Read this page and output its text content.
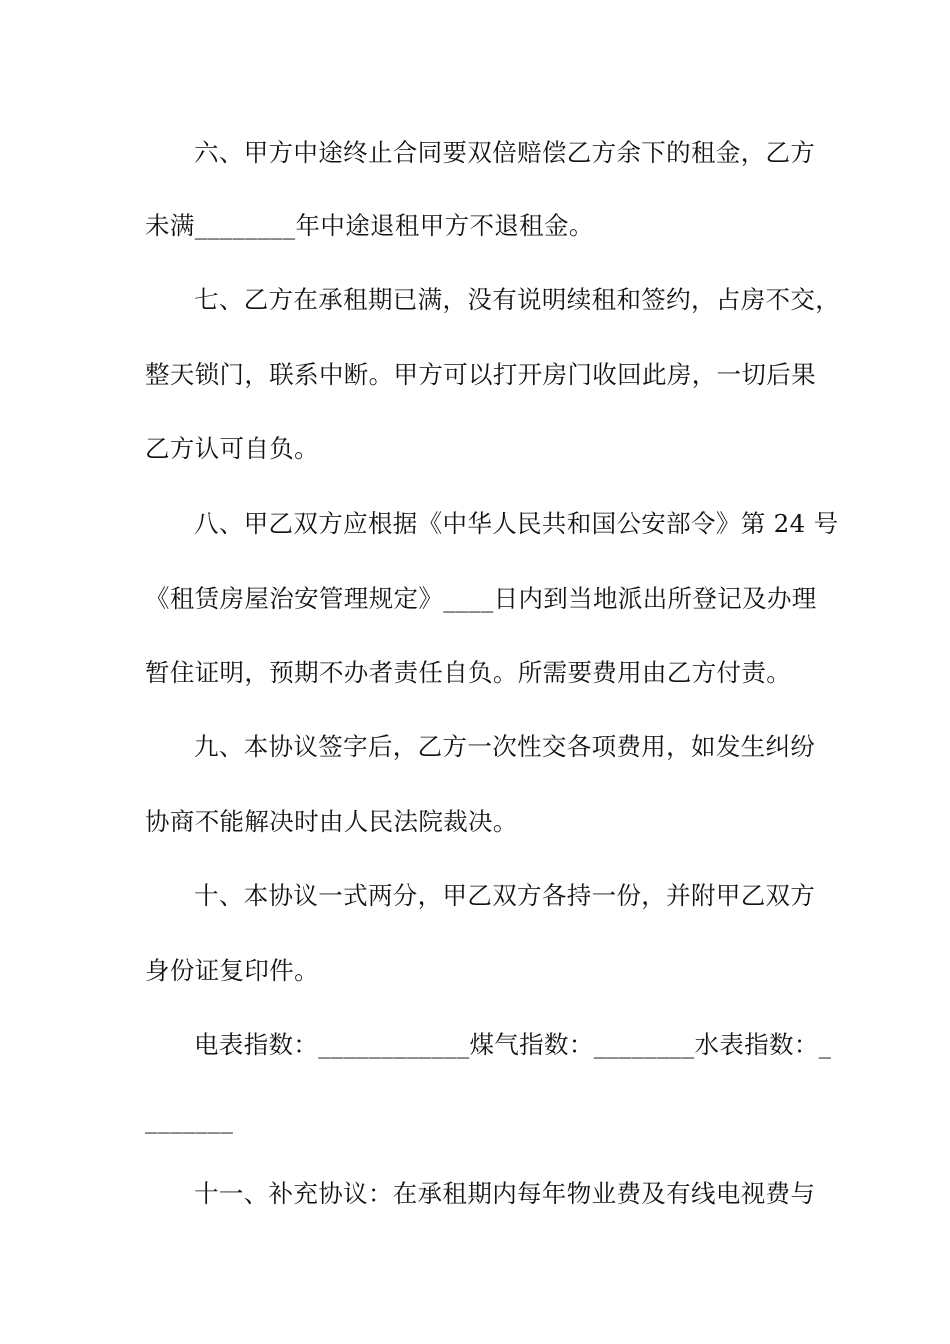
六、甲方中途终止合同要双倍赔偿乙方余下的租金，乙方
未满________年中途退租甲方不退租金。
七、乙方在承租期已满，没有说明续租和签约，占房不交，
整天锁门，联系中断。甲方可以打开房门收回此房，一切后果
乙方认可自负。
八、甲乙双方应根据《中华人民共和国公安部令》第 24 号
《租赁房屋治安管理规定》____日内到当地派出所登记及办理
暂住证明，预期不办者责任自负。所需要费用由乙方付责。
九、本协议签字后，乙方一次性交各项费用，如发生纠纷
协商不能解决时由人民法院裁决。
十、本协议一式两分，甲乙双方各持一份，并附甲乙双方
身份证复印件。
电表指数：____________煤气指数：________水表指数：_
_______
十一、补充协议：在承租期内每年物业费及有线电视费与
